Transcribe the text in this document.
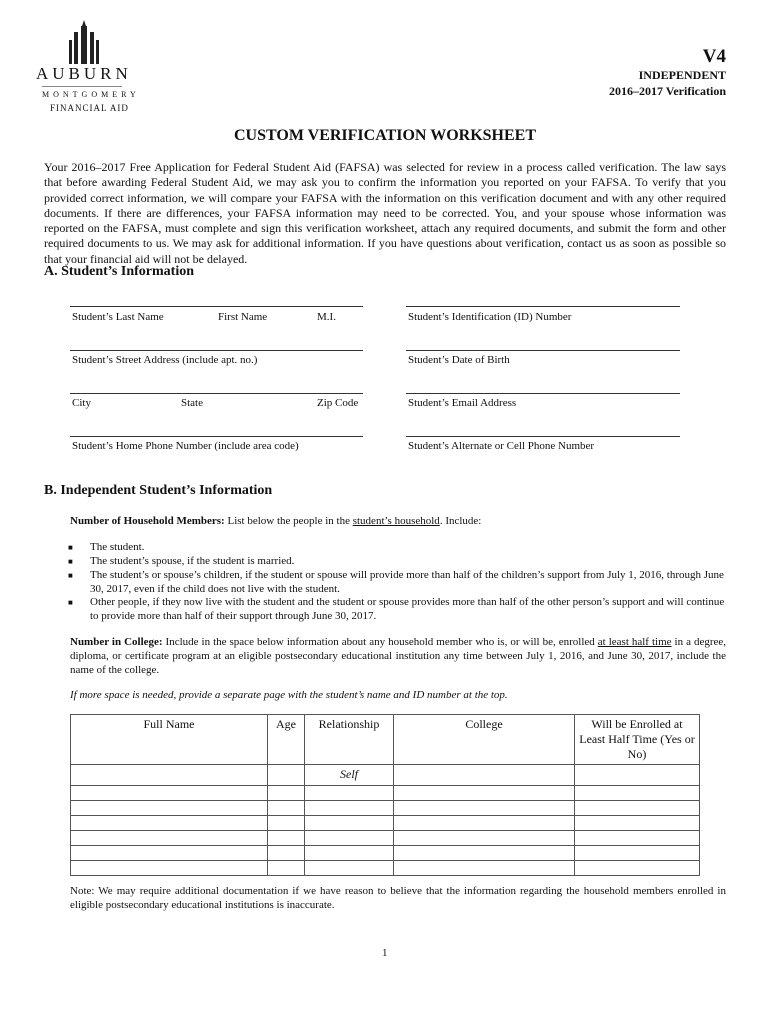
AUBURN
MONTGOMERY
FINANCIAL AID
V4
INDEPENDENT
2016–2017 Verification
CUSTOM VERIFICATION WORKSHEET
Your 2016–2017 Free Application for Federal Student Aid (FAFSA) was selected for review in a process called verification. The law says that before awarding Federal Student Aid, we may ask you to confirm the information you reported on your FAFSA. To verify that you provided correct information, we will compare your FAFSA with the information on this verification document and with any other required documents. If there are differences, your FAFSA information may need to be corrected. You, and your spouse whose information was reported on the FAFSA, must complete and sign this verification worksheet, attach any required documents, and submit the form and other required documents to us. We may ask for additional information. If you have questions about verification, contact us as soon as possible so that your financial aid will not be delayed.
A. Student’s Information
Student’s Last Name	First Name	M.I.	Student’s Identification (ID) Number
Student’s Street Address (include apt. no.)	Student’s Date of Birth
City	State	Zip Code	Student’s Email Address
Student’s Home Phone Number (include area code)	Student’s Alternate or Cell Phone Number
B. Independent Student’s Information
Number of Household Members: List below the people in the student’s household. Include:
■ The student.
■ The student’s spouse, if the student is married.
■ The student’s or spouse’s children, if the student or spouse will provide more than half of the children’s support from July 1, 2016, through June 30, 2017, even if the child does not live with the student.
■ Other people, if they now live with the student and the student or spouse provides more than half of the other person’s support and will continue to provide more than half of their support through June 30, 2017.
Number in College: Include in the space below information about any household member who is, or will be, enrolled at least half time in a degree, diploma, or certificate program at an eligible postsecondary educational institution any time between July 1, 2016, and June 30, 2017, include the name of the college.
If more space is needed, provide a separate page with the student’s name and ID number at the top.
Full Name	Age	Relationship	College	Will be Enrolled at Least Half Time (Yes or No)
		Self		

Note: We may require additional documentation if we have reason to believe that the information regarding the household members enrolled in eligible postsecondary educational institutions is inaccurate.
1
